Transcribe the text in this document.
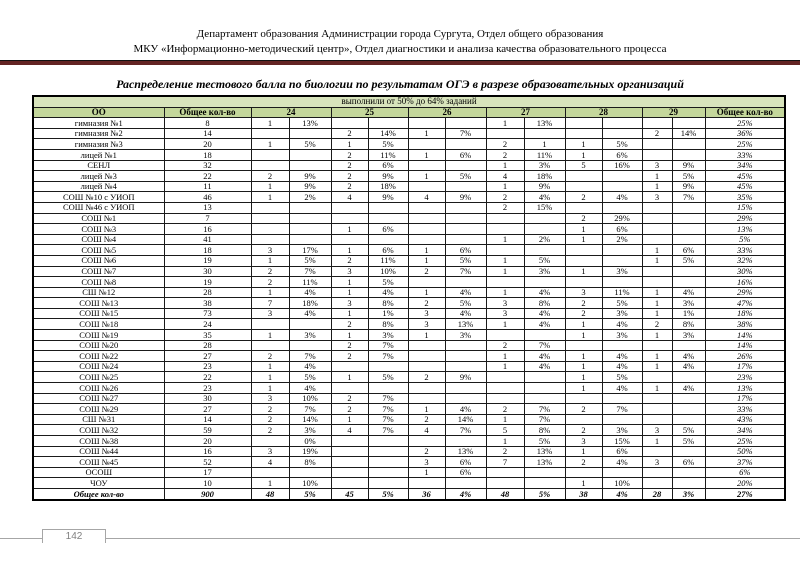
Департамент образования Администрации города Сургута, Отдел общего образования
МКУ «Информационно-методический центр», Отдел диагностики и анализа качества образовательного процесса
Распределение тестового балла по биологии по результатам ОГЭ в разрезе образовательных организаций
выполнили от 50% до 64% заданий														
ОО	Общее кол-во	24		25		26		27		28		29		Общее кол-во
гимназия №1	8	1	13%					1	13%					25%
гимназия №2	14			2	14%	1	7%					2	14%	36%
гимназия №3	20	1	5%	1	5%			2	1	1	5%			25%
лицей №1	18			2	11%	1	6%	2	11%	1	6%			33%
СЕНЛ	32			2	6%			1	3%	5	16%	3	9%	34%
лицей №3	22	2	9%	2	9%	1	5%	4	18%			1	5%	45%
лицей №4	11	1	9%	2	18%			1	9%			1	9%	45%
СОШ №10 с УИОП	46	1	2%	4	9%	4	9%	2	4%	2	4%	3	7%	35%
СОШ №46 с УИОП	13							2	15%					15%
СОШ №1	7									2	29%			29%
СОШ №3	16			1	6%					1	6%			13%
СОШ №4	41							1	2%	1	2%			5%
СОШ №5	18	3	17%	1	6%	1	6%					1	6%	33%
СОШ №6	19	1	5%	2	11%	1	5%	1	5%			1	5%	32%
СОШ №7	30	2	7%	3	10%	2	7%	1	3%	1	3%			30%
СОШ №8	19	2	11%	1	5%									16%
СШ №12	28	1	4%	1	4%	1	4%	1	4%	3	11%	1	4%	29%
СОШ №13	38	7	18%	3	8%	2	5%	3	8%	2	5%	1	3%	47%
СОШ №15	73	3	4%	1	1%	3	4%	3	4%	2	3%	1	1%	18%
СОШ №18	24			2	8%	3	13%	1	4%	1	4%	2	8%	38%
СОШ №19	35	1	3%	1	3%	1	3%			1	3%	1	3%	14%
СОШ №20	28			2	7%			2	7%					14%
СОШ №22	27	2	7%	2	7%			1	4%	1	4%	1	4%	26%
СОШ №24	23	1	4%					1	4%	1	4%	1	4%	17%
СОШ №25	22	1	5%	1	5%	2	9%			1	5%			23%
СОШ №26	23	1	4%							1	4%	1	4%	13%
СОШ №27	30	3	10%	2	7%									17%
СОШ №29	27	2	7%	2	7%	1	4%	2	7%	2	7%			33%
СШ №31	14	2	14%	1	7%	2	14%	1	7%					43%
СОШ №32	59	2	3%	4	7%	4	7%	5	8%	2	3%	3	5%	34%
СОШ №38	20		0%					1	5%	3	15%	1	5%	25%
СОШ №44	16	3	19%			2	13%	2	13%	1	6%			50%
СОШ №45	52	4	8%			3	6%	7	13%	2	4%	3	6%	37%
ОСОШ	17					1	6%							6%
ЧОУ	10	1	10%							1	10%			20%
Общее кол-во	900	48	5%	45	5%	36	4%	48	5%	38	4%	28	3%	27%
142
